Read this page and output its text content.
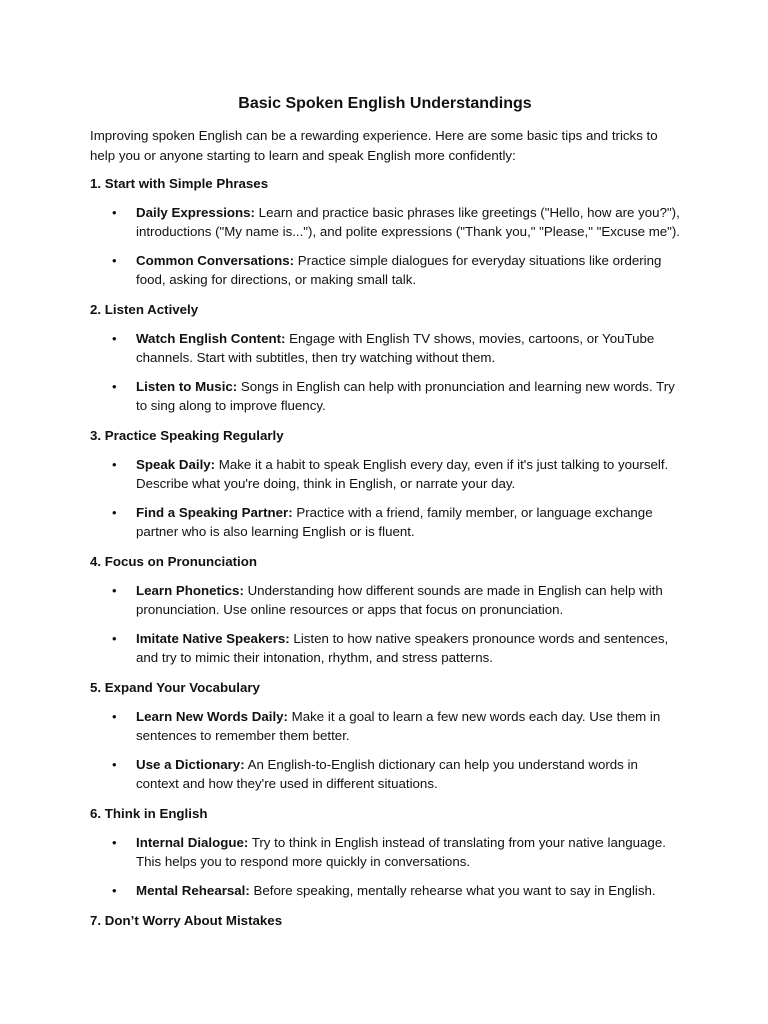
Basic Spoken English Understandings

Improving spoken English can be a rewarding experience. Here are some basic tips and tricks to help you or anyone starting to learn and speak English more confidently:

1. Start with Simple Phrases
• Daily Expressions: Learn and practice basic phrases like greetings ("Hello, how are you?"), introductions ("My name is..."), and polite expressions ("Thank you," "Please," "Excuse me").
• Common Conversations: Practice simple dialogues for everyday situations like ordering food, asking for directions, or making small talk.
2. Listen Actively
• Watch English Content: Engage with English TV shows, movies, cartoons, or YouTube channels. Start with subtitles, then try watching without them.
• Listen to Music: Songs in English can help with pronunciation and learning new words. Try to sing along to improve fluency.
3. Practice Speaking Regularly
• Speak Daily: Make it a habit to speak English every day, even if it's just talking to yourself. Describe what you're doing, think in English, or narrate your day.
• Find a Speaking Partner: Practice with a friend, family member, or language exchange partner who is also learning English or is fluent.
4. Focus on Pronunciation
• Learn Phonetics: Understanding how different sounds are made in English can help with pronunciation. Use online resources or apps that focus on pronunciation.
• Imitate Native Speakers: Listen to how native speakers pronounce words and sentences, and try to mimic their intonation, rhythm, and stress patterns.
5. Expand Your Vocabulary
• Learn New Words Daily: Make it a goal to learn a few new words each day. Use them in sentences to remember them better.
• Use a Dictionary: An English-to-English dictionary can help you understand words in context and how they're used in different situations.
6. Think in English
• Internal Dialogue: Try to think in English instead of translating from your native language. This helps you to respond more quickly in conversations.
• Mental Rehearsal: Before speaking, mentally rehearse what you want to say in English.
7. Don’t Worry About Mistakes
